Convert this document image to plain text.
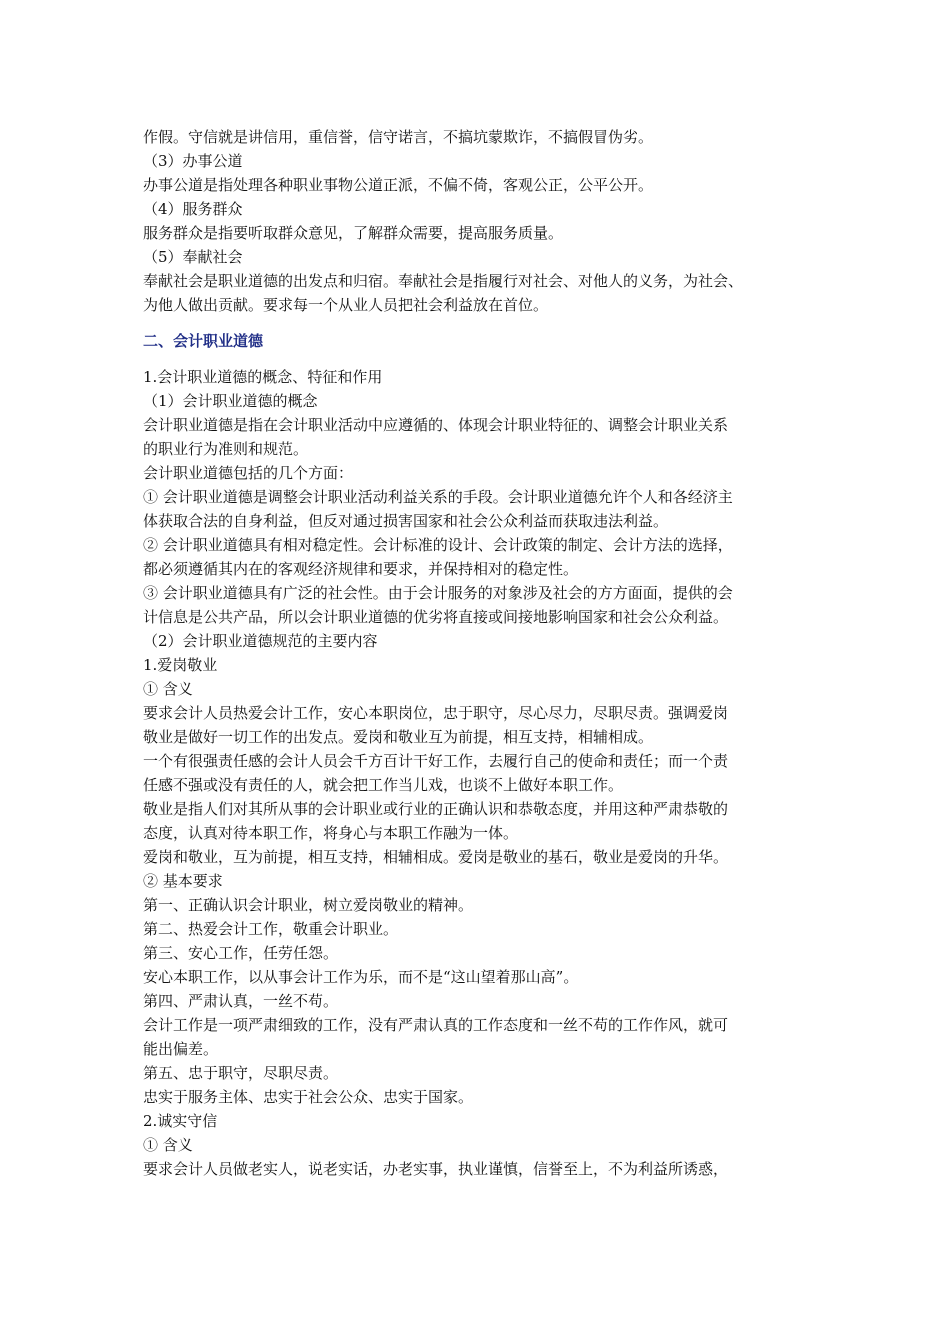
作假。守信就是讲信用，重信誉，信守诺言，不搞坑蒙欺诈，不搞假冒伪劣。
（3）办事公道
办事公道是指处理各种职业事物公道正派，不偏不倚，客观公正，公平公开。
（4）服务群众
服务群众是指要听取群众意见，了解群众需要，提高服务质量。
（5）奉献社会
奉献社会是职业道德的出发点和归宿。奉献社会是指履行对社会、对他人的义务，为社会、
为他人做出贡献。要求每一个从业人员把社会利益放在首位。
二、会计职业道德
1.会计职业道德的概念、特征和作用
（1）会计职业道德的概念
会计职业道德是指在会计职业活动中应遵循的、体现会计职业特征的、调整会计职业关系
的职业行为准则和规范。
会计职业道德包括的几个方面：
① 会计职业道德是调整会计职业活动利益关系的手段。会计职业道德允许个人和各经济主
体获取合法的自身利益，但反对通过损害国家和社会公众利益而获取违法利益。
② 会计职业道德具有相对稳定性。会计标准的设计、会计政策的制定、会计方法的选择，
都必须遵循其内在的客观经济规律和要求，并保持相对的稳定性。
③ 会计职业道德具有广泛的社会性。由于会计服务的对象涉及社会的方方面面，提供的会
计信息是公共产品，所以会计职业道德的优劣将直接或间接地影响国家和社会公众利益。
（2）会计职业道德规范的主要内容
1.爱岗敬业
① 含义
要求会计人员热爱会计工作，安心本职岗位，忠于职守，尽心尽力，尽职尽责。强调爱岗
敬业是做好一切工作的出发点。爱岗和敬业互为前提，相互支持，相辅相成。
一个有很强责任感的会计人员会千方百计干好工作，去履行自己的使命和责任；而一个责
任感不强或没有责任的人，就会把工作当儿戏，也谈不上做好本职工作。
敬业是指人们对其所从事的会计职业或行业的正确认识和恭敬态度，并用这种严肃恭敬的
态度，认真对待本职工作，将身心与本职工作融为一体。
爱岗和敬业，互为前提，相互支持，相辅相成。爱岗是敬业的基石，敬业是爱岗的升华。
② 基本要求
第一、正确认识会计职业，树立爱岗敬业的精神。
第二、热爱会计工作，敬重会计职业。
第三、安心工作，任劳任怨。
安心本职工作，以从事会计工作为乐，而不是“这山望着那山高”。
第四、严肃认真，一丝不苟。
会计工作是一项严肃细致的工作，没有严肃认真的工作态度和一丝不苟的工作作风，就可
能出偏差。
第五、忠于职守，尽职尽责。
忠实于服务主体、忠实于社会公众、忠实于国家。
2.诚实守信
① 含义
要求会计人员做老实人，说老实话，办老实事，执业谨慎，信誉至上，不为利益所诱惑，
